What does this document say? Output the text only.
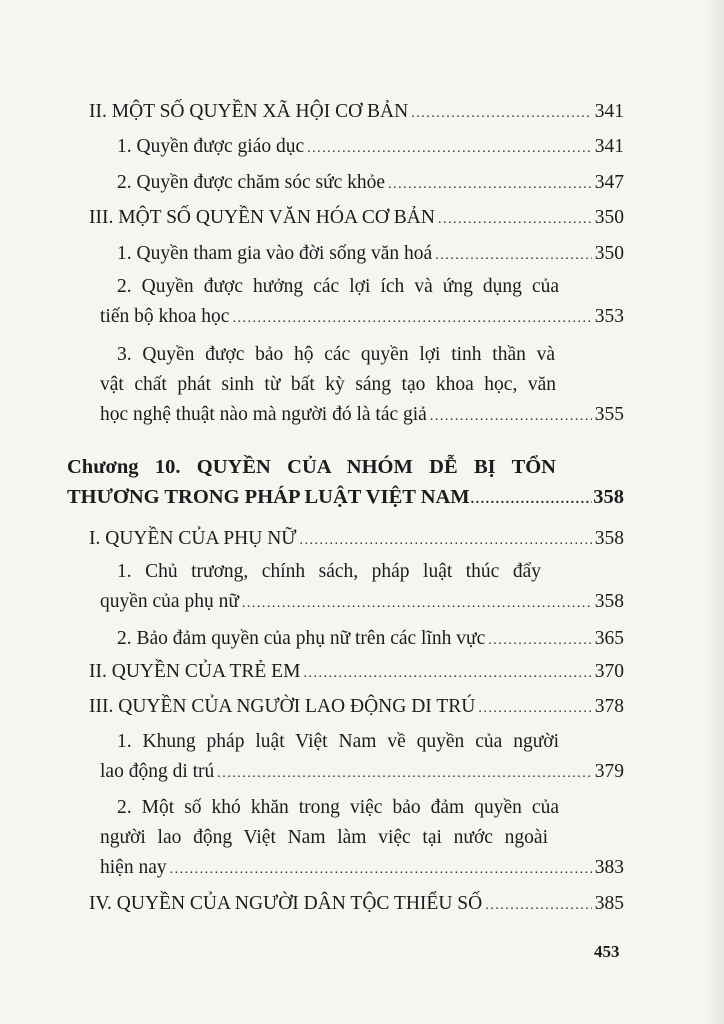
II. MỘT SỐ QUYỀN XÃ HỘI CƠ BẢN .....	341
1. Quyền được giáo dục .....	341
2. Quyền được chăm sóc sức khỏe .....	347
III. MỘT SỐ QUYỀN VĂN HÓA CƠ BẢN .....	350
1. Quyền tham gia vào đời sống văn hoá .....	350
2. Quyền được hưởng các lợi ích và ứng dụng của
tiến bộ khoa học .....	353
3. Quyền được bảo hộ các quyền lợi tinh thần và
vật chất phát sinh từ bất kỳ sáng tạo khoa học, văn
học nghệ thuật nào mà người đó là tác giả .....	355
Chương 10. QUYỀN CỦA NHÓM DỄ BỊ TỔN
THƯƠNG TRONG PHÁP LUẬT VIỆT NAM .....	358
I. QUYỀN CỦA PHỤ NỮ .....	358
1. Chủ trương, chính sách, pháp luật thúc đẩy
quyền của phụ nữ .....	358
2. Bảo đảm quyền của phụ nữ trên các lĩnh vực .....	365
II. QUYỀN CỦA TRẺ EM .....	370
III. QUYỀN CỦA NGƯỜI LAO ĐỘNG DI TRÚ .....	378
1. Khung pháp luật Việt Nam về quyền của người
lao động di trú .....	379
2. Một số khó khăn trong việc bảo đảm quyền của
người lao động Việt Nam làm việc tại nước ngoài
hiện nay .....	383
IV. QUYỀN CỦA NGƯỜI DÂN TỘC THIỂU SỐ .....	385
453
